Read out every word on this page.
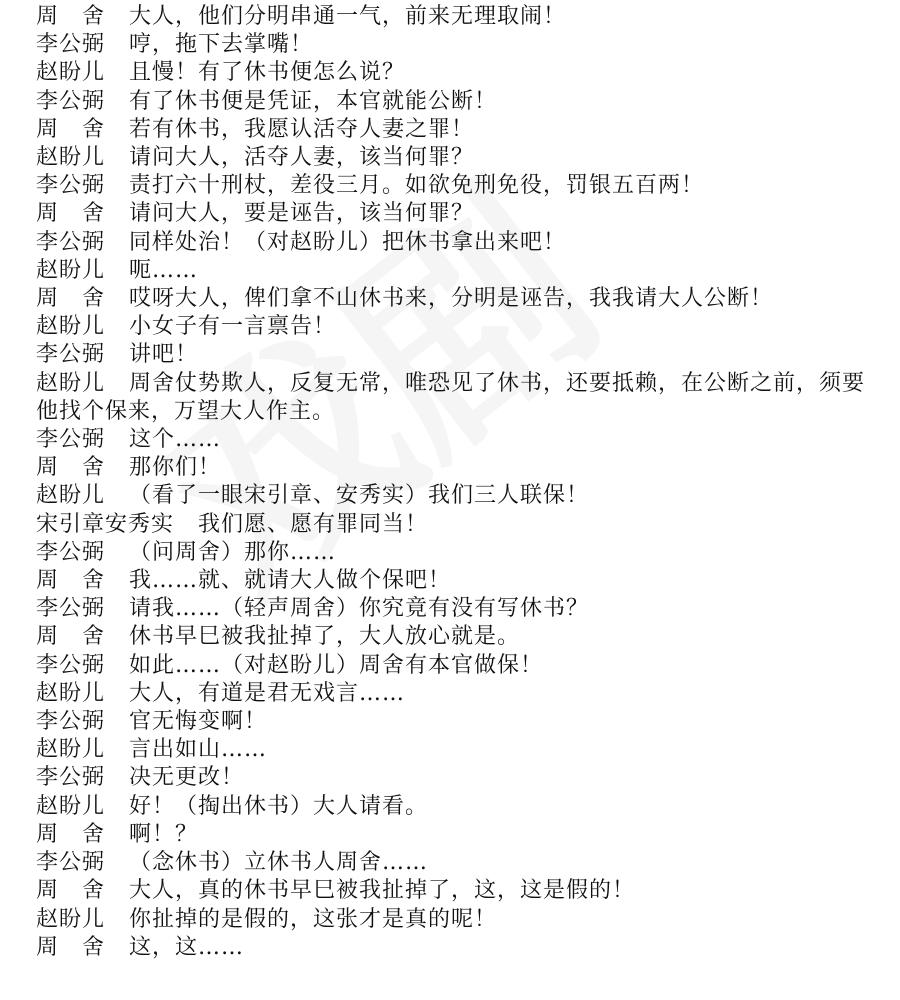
周　舍 大人，他们分明串通一气，前来无理取闹！
李公弼 哼，拖下去掌嘴！
赵盼儿 且慢！有了休书便怎么说？
李公弼 有了休书便是凭证，本官就能公断！
周　舍 若有休书，我愿认活夺人妻之罪！
赵盼儿 请问大人，活夺人妻，该当何罪？
李公弼 责打六十刑杖，差役三月。如欲免刑免役，罚银五百两！
周　舍 请问大人，要是诬告，该当何罪？
李公弼 同样处治！（对赵盼儿）把休书拿出来吧！
赵盼儿 呃……
周　舍 哎呀大人，俾们拿不山休书来，分明是诬告，我我请大人公断！
赵盼儿 小女子有一言禀告！
李公弼 讲吧！
赵盼儿 周舍仗势欺人，反复无常，唯恐见了休书，还要抵赖，在公断之前，须要他找个保来，万望大人作主。
李公弼 这个……
周　舍 那你们！
赵盼儿 （看了一眼宋引章、安秀实）我们三人联保！
宋引章安秀实 我们愿、愿有罪同当！
李公弼 （问周舍）那你……
周　舍 我……就、就请大人做个保吧！
李公弼 请我……（轻声周舍）你究竟有没有写休书？
周　舍 休书早巳被我扯掉了，大人放心就是。
李公弼 如此……（对赵盼儿）周舍有本官做保！
赵盼儿 大人，有道是君无戏言……
李公弼 官无悔变啊！
赵盼儿 言出如山……
李公弼 决无更改！
赵盼儿 好！（掏出休书）大人请看。
周　舍 啊！？
李公弼 （念休书）立休书人周舍……
周　舍 大人，真的休书早巳被我扯掉了，这，这是假的！
赵盼儿 你扯掉的是假的，这张才是真的呢！
周　舍 这，这……
